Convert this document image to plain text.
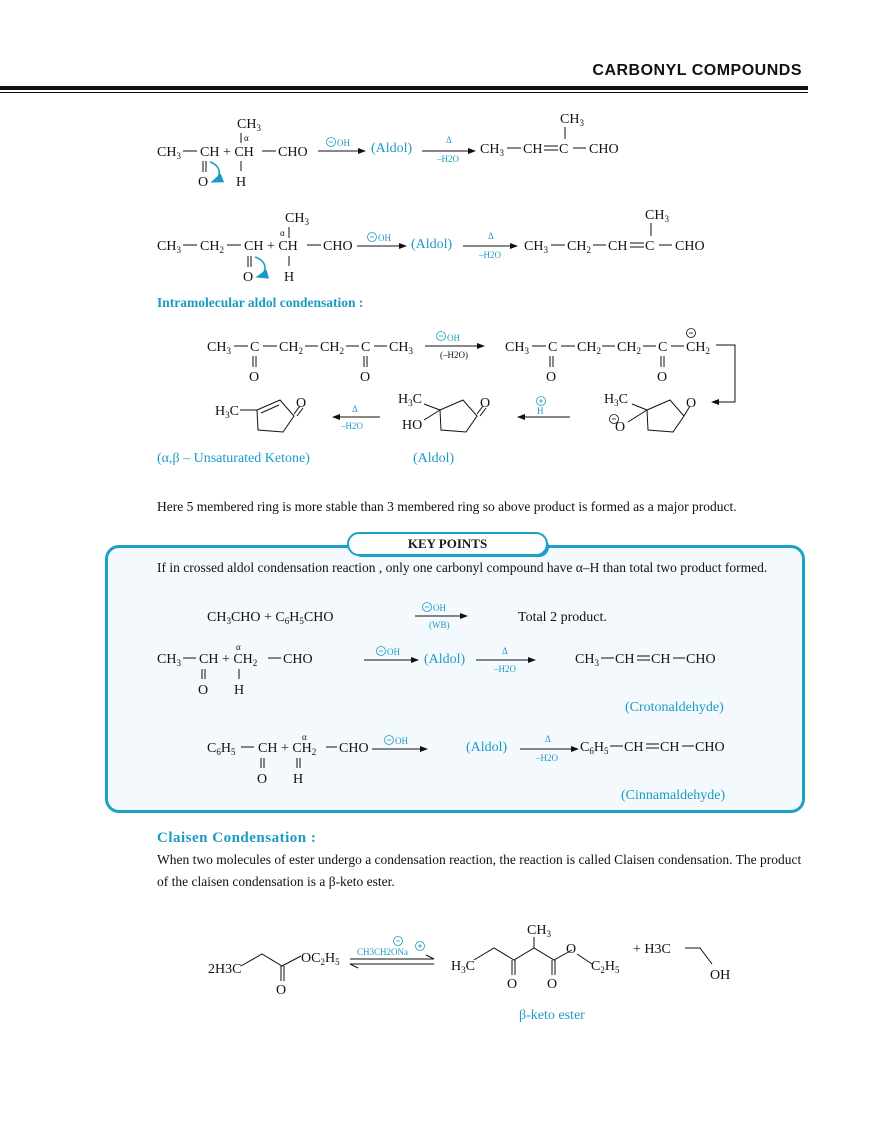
CARBONYL COMPOUNDS
$CH_3$
α
$CH_3$ CH + CH CHO
O H
OH (Aldol)
Δ
–H2O
$CH_3$ CH C CHO
$CH_3$
$CH_3$
α
$CH_3$ $CH_2$ CH + CH CHO
O H
OH (Aldol)
Δ
–H2O
$CH_3$ $CH_2$ CH C CHO
$CH_3$
$CH_3$ C $CH_2$ $CH_2$ C $CH_3$
O	O
OH
(–H2O)	$CH_3$ C $CH_2$ $CH_2$ C $CH_2$
O	O
$H_3C$	O
O
H
$H_3C$	O
HO
Δ
–H2O
$H_3C$
O
(α,β – Unsaturated Ketone)	(Aldol)
Intramolecular aldol condensation :
Here 5 membered ring is more stable than 3 membered ring so above product is formed as a major product.
KEY POINTS
If in crossed aldol condensation reaction , only one carbonyl compound have α–H than total two product formed.
$CH_3CHO + C_6H_5CHO$
OH
(WB)	Total 2 product.
α
$CH_3$ CH + $CH_2$ CHO
O H
OH (Aldol)
Δ
–H2O
$CH_3$ CH CH CHO
(Crotonaldehyde)
α
$C_6H_5$ CH + $CH_2$ CHO
O H
OH	(Aldol)
Δ
–H2O
$C_6H_5$ CH CH CHO
(Cinnamaldehyde)
2H3C
O
$OC_2H_5$
CH3CH2ONa
$H_3C$
$CH_3$
O O
O
$C_2H_5$
+ H3C
OH
β-keto ester
Claisen Condensation :
When two molecules of ester undergo a condensation reaction, the reaction is called Claisen condensation. The product of the claisen condensation is a β-keto ester.
